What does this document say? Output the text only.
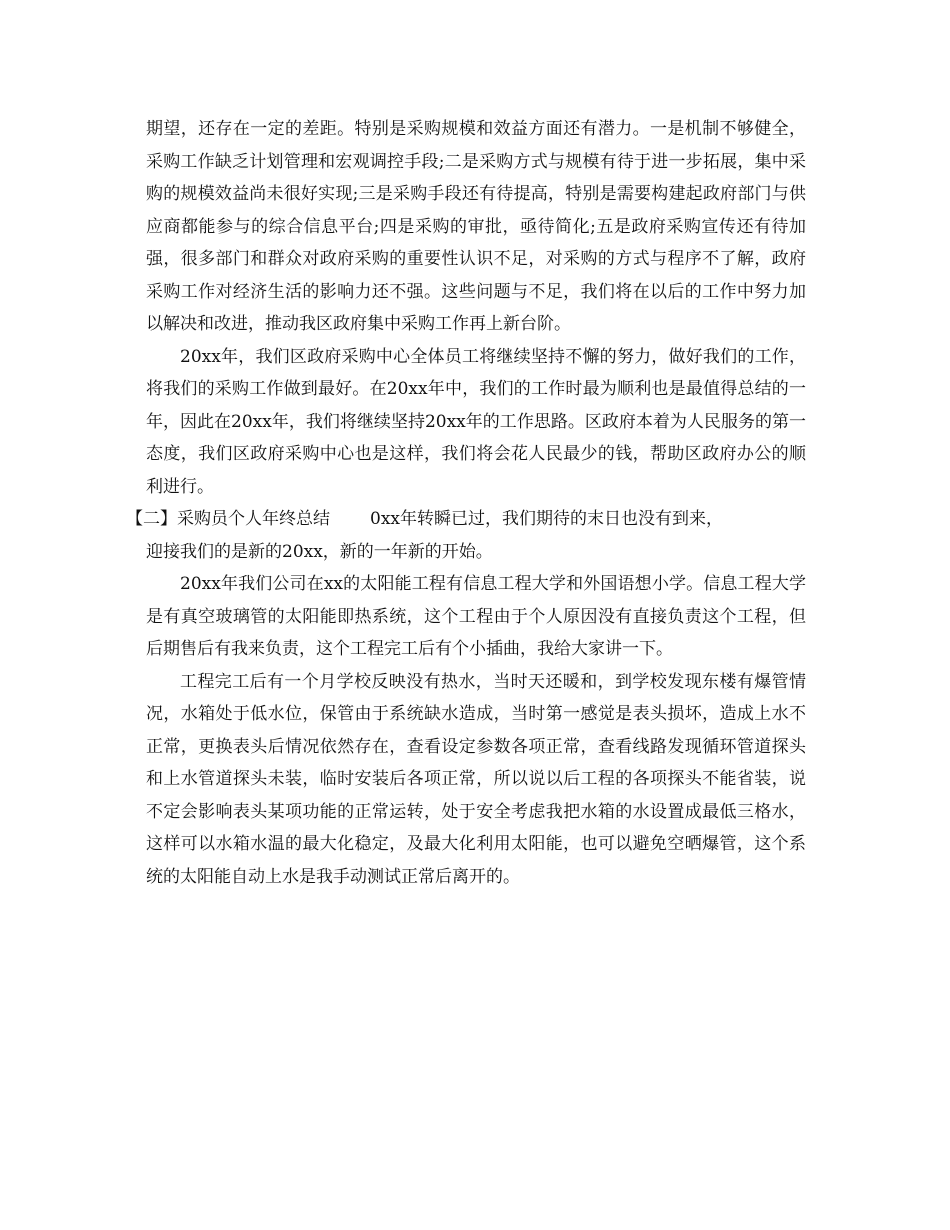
期望，还存在一定的差距。特别是采购规模和效益方面还有潜力。一是机制不够健全，采购工作缺乏计划管理和宏观调控手段;二是采购方式与规模有待于进一步拓展，集中采购的规模效益尚未很好实现;三是采购手段还有待提高，特别是需要构建起政府部门与供应商都能参与的综合信息平台;四是采购的审批，亟待简化;五是政府采购宣传还有待加强，很多部门和群众对政府采购的重要性认识不足，对采购的方式与程序不了解，政府采购工作对经济生活的影响力还不强。这些问题与不足，我们将在以后的工作中努力加以解决和改进，推动我区政府集中采购工作再上新台阶。

20xx年，我们区政府采购中心全体员工将继续坚持不懈的努力，做好我们的工作，将我们的采购工作做到最好。在20xx年中，我们的工作时最为顺利也是最值得总结的一年，因此在20xx年，我们将继续坚持20xx年的工作思路。区政府本着为人民服务的第一态度，我们区政府采购中心也是这样，我们将会花人民最少的钱，帮助区政府办公的顺利进行。

【二】采购员个人年终总结 0xx年转瞬已过，我们期待的末日也没有到来，
迎接我们的是新的20xx，新的一年新的开始。

20xx年我们公司在xx的太阳能工程有信息工程大学和外国语想小学。信息工程大学是有真空玻璃管的太阳能即热系统，这个工程由于个人原因没有直接负责这个工程，但后期售后有我来负责，这个工程完工后有个小插曲，我给大家讲一下。

工程完工后有一个月学校反映没有热水，当时天还暖和，到学校发现东楼有爆管情况，水箱处于低水位，保管由于系统缺水造成，当时第一感觉是表头损坏，造成上水不正常，更换表头后情况依然存在，查看设定参数各项正常，查看线路发现循环管道探头和上水管道探头未装，临时安装后各项正常，所以说以后工程的各项探头不能省装，说不定会影响表头某项功能的正常运转，处于安全考虑我把水箱的水设置成最低三格水，这样可以水箱水温的最大化稳定，及最大化利用太阳能，也可以避免空晒爆管，这个系统的太阳能自动上水是我手动测试正常后离开的。
